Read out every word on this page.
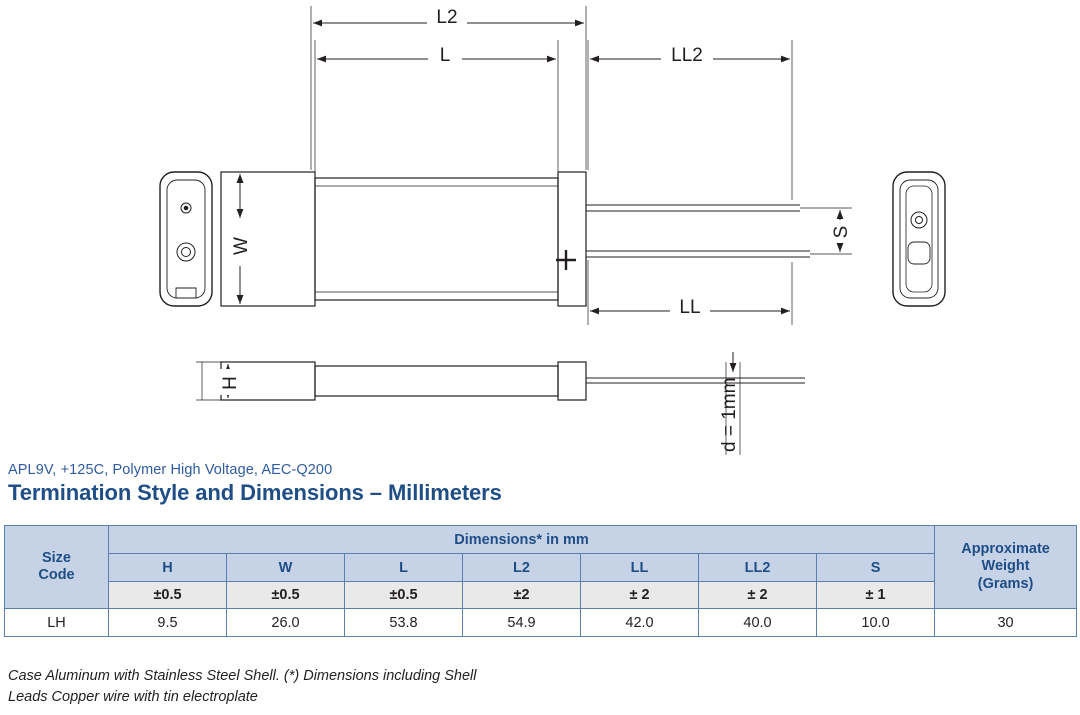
L2
L	LL2
LL
W
H
S
d = 1mm

APL9V, +125C, Polymer High Voltage, AEC-Q200

Termination Style and Dimensions – Millimeters

Size
Code
	Dimensions* in mm	
Approximate
Weight
(Grams)

	H	W	L	L2	LL	LL2	S	
	±0.5	±0.5	±0.5	±2	± 2	± 2	± 1	
LH	9.5	26.0	53.8	54.9	42.0	40.0	10.0	30
Case Aluminum with Stainless Steel Shell. (*) Dimensions including Shell
Leads Copper wire with tin electroplate
